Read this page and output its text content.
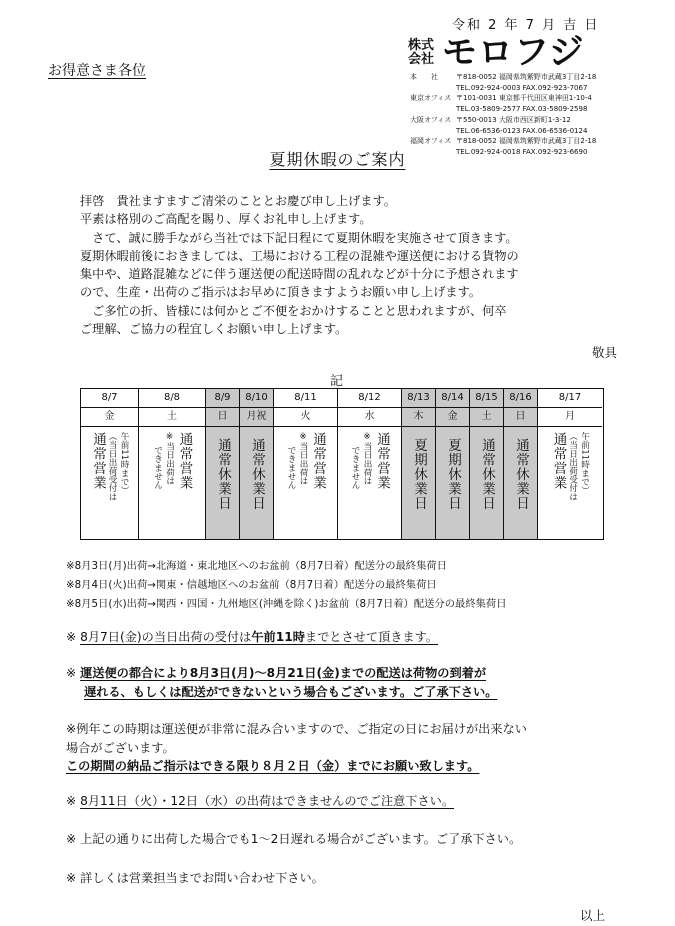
令和 2 年 7 月 吉 日
お得意さま各位
株式会社 モロフジ
本　　社	〒818-0052 福岡県筑紫野市武蔵3丁目2-18
TEL.092-924-0003 FAX.092-923-7067
東京オフィス 〒101-0031 東京都千代田区東神田1-10-4
TEL.03-5809-2577 FAX.03-5809-2598
大阪オフィス 〒550-0013 大阪市西区新町1-3-12
TEL.06-6536-0123 FAX.06-6536-0124
福岡オフィス 〒818-0052 福岡県筑紫野市武蔵3丁目2-18
TEL.092-924-0018 FAX.092-923-6690
夏期休暇のご案内

拝啓　貴社ますますご清栄のこととお慶び申し上げます。

平素は格別のご高配を賜り、厚くお礼申し上げます。

　さて、誠に勝手ながら当社では下記日程にて夏期休暇を実施させて頂きます。

夏期休暇前後におきましては、工場における工程の混雑や運送便における貨物の

集中や、道路混雑などに伴う運送便の配送時間の乱れなどが十分に予想されます

ので、生産・出荷のご指示はお早めに頂きますようお願い申し上げます。

　ご多忙の折、皆様には何かとご不便をおかけすることと思われますが、何卒

ご理解、ご協力の程宜しくお願い申し上げます。

敬具
記
8/7
金
午前11時まで）
（当日出荷受付は
通常営業
8/8
土
通常営業
※当日出荷は
できません
8/9
日
通常休業日
8/10
月祝
通常休業日
8/11
火
通常営業
※当日出荷は
できません
8/12
水
通常営業
※当日出荷は
できません
8/13
木
夏期休業日
8/14
金
夏期休業日
8/15
土
通常休業日
8/16
日
通常休業日
8/17
月
午前11時まで）
（当日出荷受付は
通常営業
※8月3日(月)出荷→北海道・東北地区へのお盆前（8月7日着）配送分の最終集荷日
※8月4日(火)出荷→関東・信越地区へのお盆前（8月7日着）配送分の最終集荷日
※8月5日(水)出荷→関西・四国・九州地区(沖縄を除く)お盆前（8月7日着）配送分の最終集荷日

※ 8月7日(金)の当日出荷の受付は午前11時までとさせて頂きます。

※ 運送便の都合により8月3日(月)〜8月21日(金)までの配送は荷物の到着が

遅れる、もしくは配送ができないという場合もございます。ご了承下さい。

※例年この時期は運送便が非常に混み合いますので、ご指定の日にお届けが出来ない

場合がございます。

この期間の納品ご指示はできる限り８月２日（金）までにお願い致します。

※ 8月11日（火）・12日（水）の出荷はできませんのでご注意下さい。

※ 上記の通りに出荷した場合でも1〜2日遅れる場合がございます。ご了承下さい。
※ 詳しくは営業担当までお問い合わせ下さい。
以上
